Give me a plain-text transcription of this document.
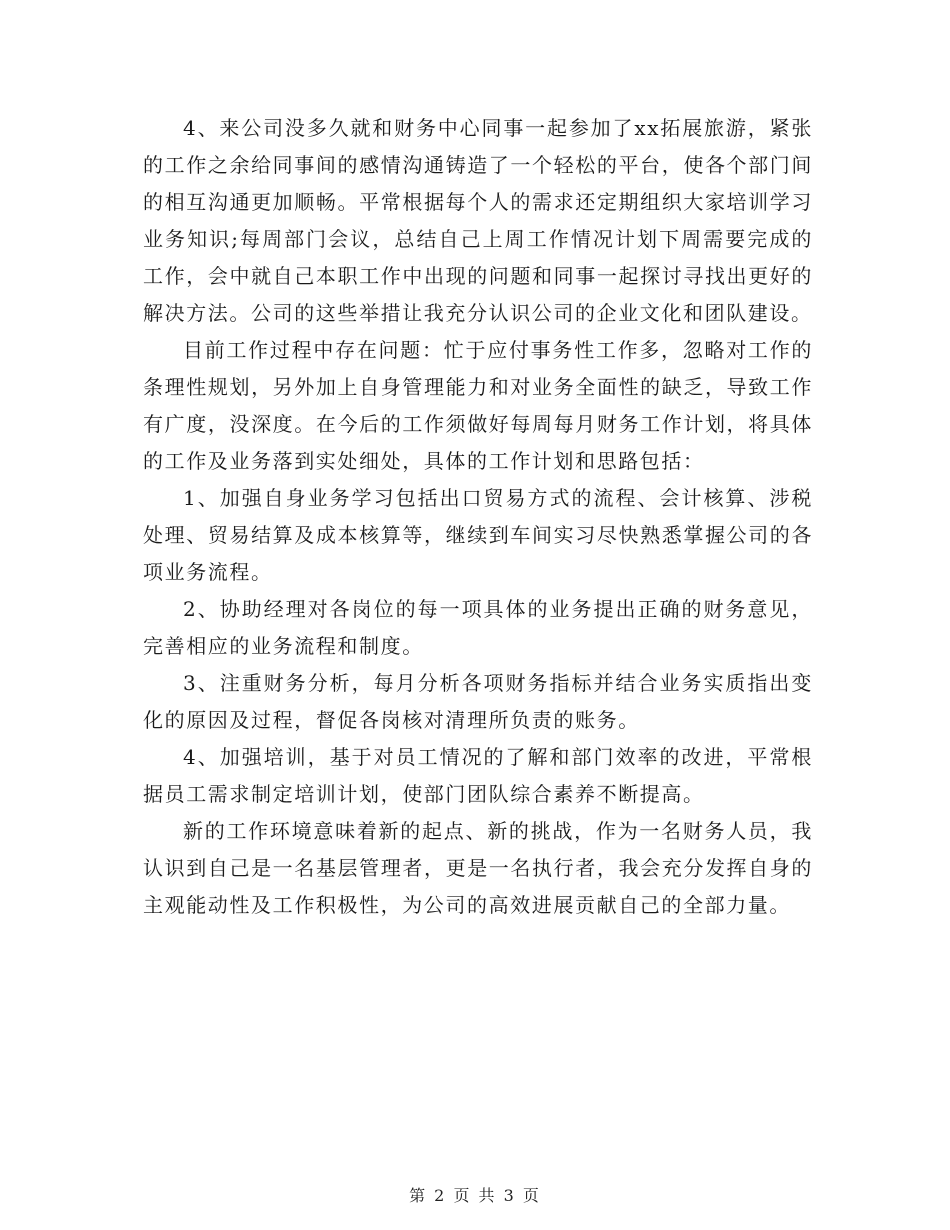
4、来公司没多久就和财务中心同事一起参加了xx拓展旅游，紧张的工作之余给同事间的感情沟通铸造了一个轻松的平台，使各个部门间的相互沟通更加顺畅。平常根据每个人的需求还定期组织大家培训学习业务知识;每周部门会议，总结自己上周工作情况计划下周需要完成的工作，会中就自己本职工作中出现的问题和同事一起探讨寻找出更好的解决方法。公司的这些举措让我充分认识公司的企业文化和团队建设。

目前工作过程中存在问题：忙于应付事务性工作多，忽略对工作的条理性规划，另外加上自身管理能力和对业务全面性的缺乏，导致工作有广度，没深度。在今后的工作须做好每周每月财务工作计划，将具体的工作及业务落到实处细处，具体的工作计划和思路包括：

1、加强自身业务学习包括出口贸易方式的流程、会计核算、涉税处理、贸易结算及成本核算等，继续到车间实习尽快熟悉掌握公司的各项业务流程。

2、协助经理对各岗位的每一项具体的业务提出正确的财务意见，完善相应的业务流程和制度。

3、注重财务分析，每月分析各项财务指标并结合业务实质指出变化的原因及过程，督促各岗核对清理所负责的账务。

4、加强培训，基于对员工情况的了解和部门效率的改进，平常根据员工需求制定培训计划，使部门团队综合素养不断提高。

新的工作环境意味着新的起点、新的挑战，作为一名财务人员，我认识到自己是一名基层管理者，更是一名执行者，我会充分发挥自身的主观能动性及工作积极性，为公司的高效进展贡献自己的全部力量。

第 2 页 共 3 页
